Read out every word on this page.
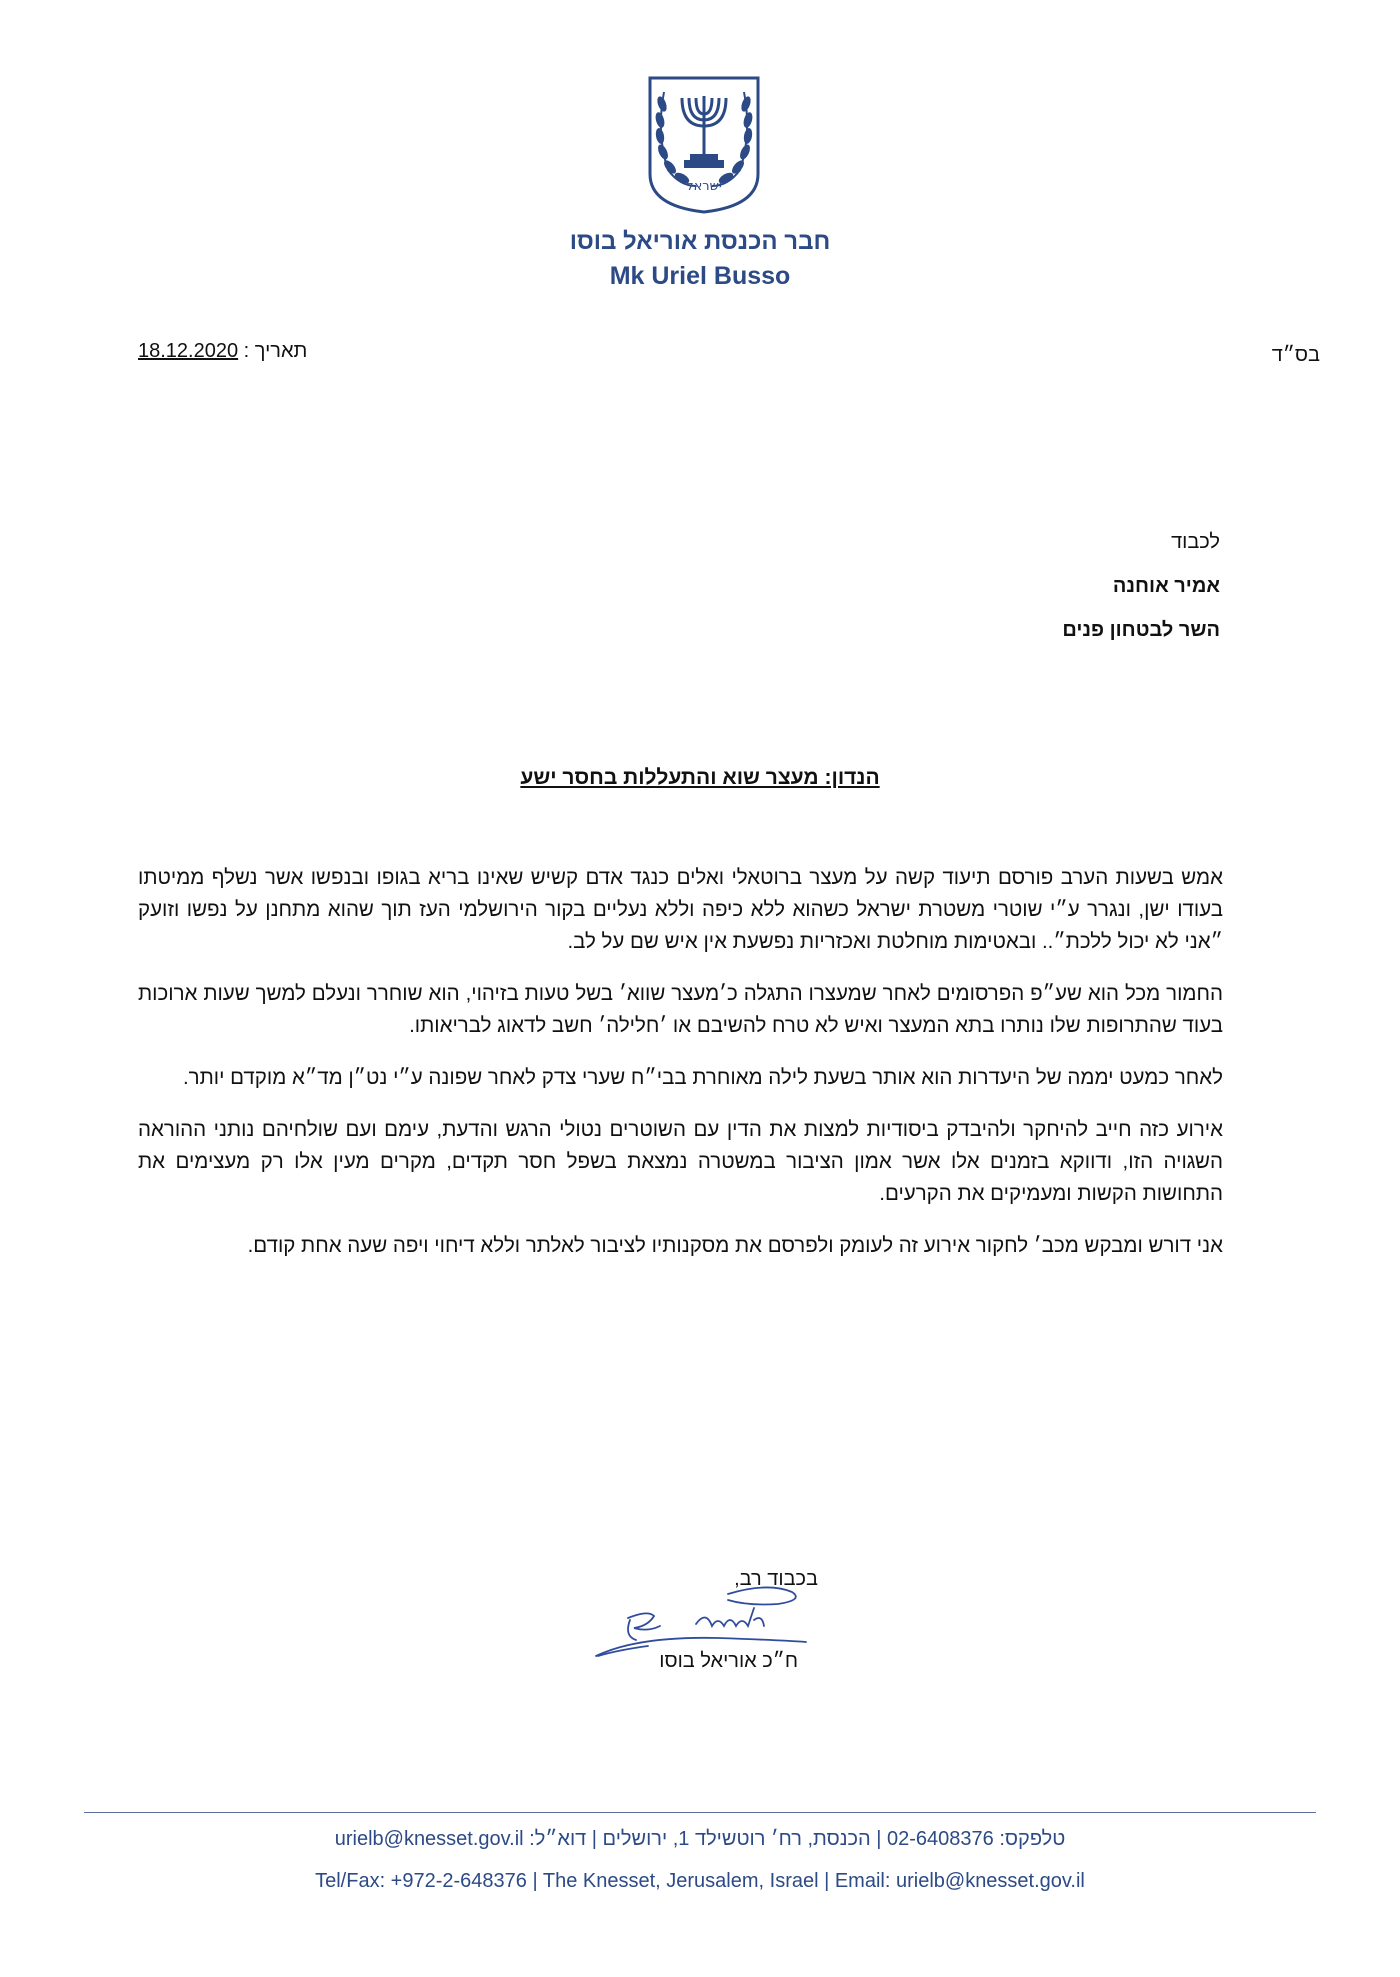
ישראל
חבר הכנסת אוריאל בוסו
Mk Uriel Busso
בס״ד
תאריך : 18.12.2020
לכבוד
אמיר אוחנה
השר לבטחון פנים
הנדון: מעצר שוא והתעללות בחסר ישע

אמש בשעות הערב פורסם תיעוד קשה על מעצר ברוטאלי ואלים כנגד אדם קשיש שאינו בריא בגופו ובנפשו אשר נשלף ממיטתו בעודו ישן, ונגרר ע״י שוטרי משטרת ישראל כשהוא ללא כיפה וללא נעליים בקור הירושלמי העז תוך שהוא מתחנן על נפשו וזועק ״אני לא יכול ללכת״.. ובאטימות מוחלטת ואכזריות נפשעת אין איש שם על לב.

החמור מכל הוא שע״פ הפרסומים לאחר שמעצרו התגלה כ׳מעצר שווא׳ בשל טעות בזיהוי, הוא שוחרר ונעלם למשך שעות ארוכות בעוד שהתרופות שלו נותרו בתא המעצר ואיש לא טרח להשיבם או ׳חלילה׳ חשב לדאוג לבריאותו.

לאחר כמעט יממה של היעדרות הוא אותר בשעת לילה מאוחרת בבי״ח שערי צדק לאחר שפונה ע״י נט״ן מד״א מוקדם יותר.

אירוע כזה חייב להיחקר ולהיבדק ביסודיות למצות את הדין עם השוטרים נטולי הרגש והדעת, עימם ועם שולחיהם נותני ההוראה השגויה הזו, ודווקא בזמנים אלו אשר אמון הציבור במשטרה נמצאת בשפל חסר תקדים, מקרים מעין אלו רק מעצימים את התחושות הקשות ומעמיקים את הקרעים.

אני דורש ומבקש מכב׳ לחקור אירוע זה לעומק ולפרסם את מסקנותיו לציבור לאלתר וללא דיחוי ויפה שעה אחת קודם.

בכבוד רב,
ח״כ אוריאל בוסו
טלפקס: 02-6408376 | הכנסת, רח׳ רוטשילד 1, ירושלים | דוא״ל: urielb@knesset.gov.il
Tel/Fax: +972-2-648376 | The Knesset, Jerusalem, Israel | Email: urielb@knesset.gov.il
